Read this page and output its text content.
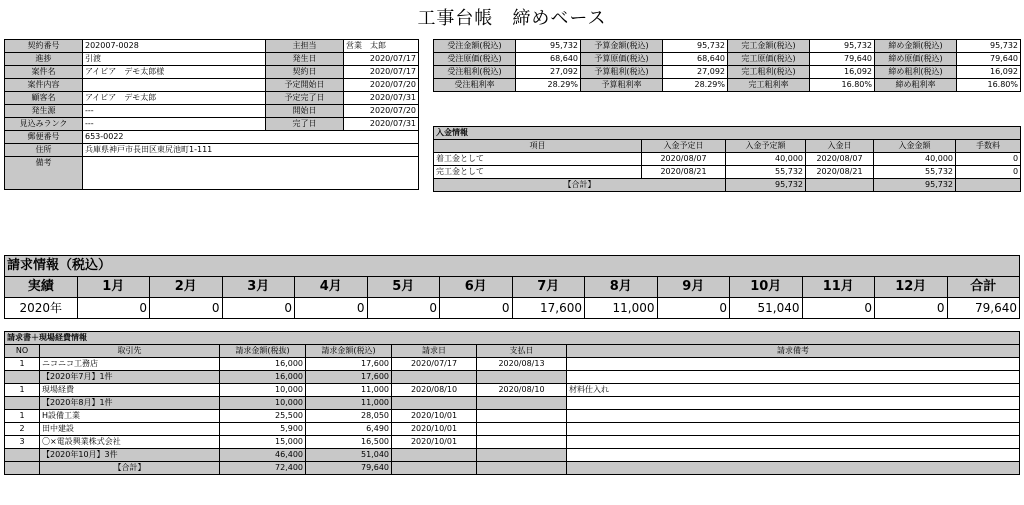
工事台帳　締めベース
契約番号	202007-0028	主担当	営業　太郎
進捗	引渡	発生日	2020/07/17
案件名	アイビア　デモ太郎様	契約日	2020/07/17
案件内容		予定開始日	2020/07/20
顧客名	アイビア　デモ太郎	予定完了日	2020/07/31
発生源	---	開始日	2020/07/20
見込みランク	---	完了日	2020/07/31
郵便番号	653-0022		
住所	兵庫県神戸市長田区東尻池町1-111		
備考			
受注金額(税込)	95,732	予算金額(税込)	95,732	完工金額(税込)	95,732	締め金額(税込)	95,732
受注原価(税込)	68,640	予算原価(税込)	68,640	完工原価(税込)	79,640	締め原価(税込)	79,640
受注粗利(税込)	27,092	予算粗利(税込)	27,092	完工粗利(税込)	16,092	締め粗利(税込)	16,092
受注粗利率	28.29%	予算粗利率	28.29%	完工粗利率	16.80%	締め粗利率	16.80%
入金情報					
項目	入金予定日	入金予定額	入金日	入金金額	手数料
着工金として	2020/08/07	40,000	2020/08/07	40,000	0
完工金として	2020/08/21	55,732	2020/08/21	55,732	0
【合計】		95,732		95,732	
請求情報（税込）													
実績	1月	2月	3月	4月	5月	6月	7月	8月	9月	10月	11月	12月	合計
2020年	0	0	0	0	0	0	17,600	11,000	0	51,040	0	0	79,640
請求書＋現場経費情報						
NO	取引先	請求金額(税抜)	請求金額(税込)	請求日	支払日	請求備考
1	ニコニコ工務店	16,000	17,600	2020/07/17	2020/08/13	
	【2020年7月】1件	16,000	17,600			
1	現場経費	10,000	11,000	2020/08/10	2020/08/10	材料仕入れ
	【2020年8月】1件	10,000	11,000			
1	H設備工業	25,500	28,050	2020/10/01		
2	田中建設	5,900	6,490	2020/10/01		
3	〇×電設興業株式会社	15,000	16,500	2020/10/01		
	【2020年10月】3件	46,400	51,040			
	【合計】	72,400	79,640			
